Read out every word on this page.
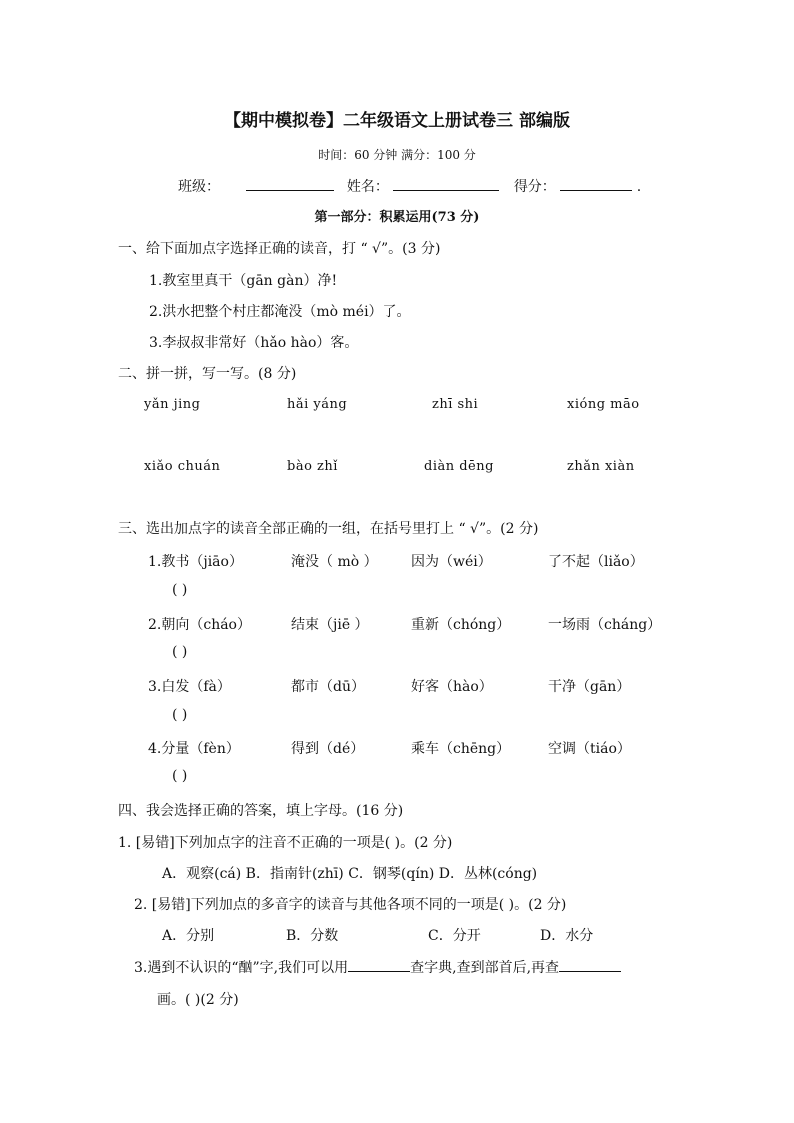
【期中模拟卷】二年级语文上册试卷三 部编版
时间：60 分钟 满分：100 分
班级：	姓名：	得分：	.
第一部分：积累运用(73 分)
一、给下面加点字选择正确的读音，打 “ √”。(3 分)
1.教室里真干（gān gàn）净!
2.洪水把整个村庄都淹没（mò méi）了。
3.李叔叔非常好（hǎo hào）客。
二、拼一拼，写一写。(8 分)
yǎn jing	hǎi yáng	zhī shi	xióng māo
xiǎo chuán	bào zhǐ	diàn dēng	zhǎn xiàn
三、选出加点字的读音全部正确的一组，在括号里打上 “ √”。(2 分)
1.教书（jiāo）	淹没（ mò ） 因为（wéi）	了不起（liǎo）
( )
2.朝向（cháo）	结束（jiē ）	重新（chóng）	一场雨（cháng）
( )
3.白发（fà）	都市（dū）	好客（hào）	干净（gān）
( )
4.分量（fèn）	得到（dé）	乘车（chēng）	空调（tiáo）
( )
四、我会选择正确的答案，填上字母。(16 分)
1. [易错]下列加点字的注音不正确的一项是( )。(2 分)
A．观察(cá) B．指南针(zhī) C．钢琴(qín) D．丛林(cóng)
2. [易错]下列加点的多音字的读音与其他各项不同的一项是( )。(2 分)
A．分别	B．分数	C．分开	D．水分
3.遇到不认识的“酗”字,我们可以用	查字典,查到部首后,再查
画。( )(2 分)
